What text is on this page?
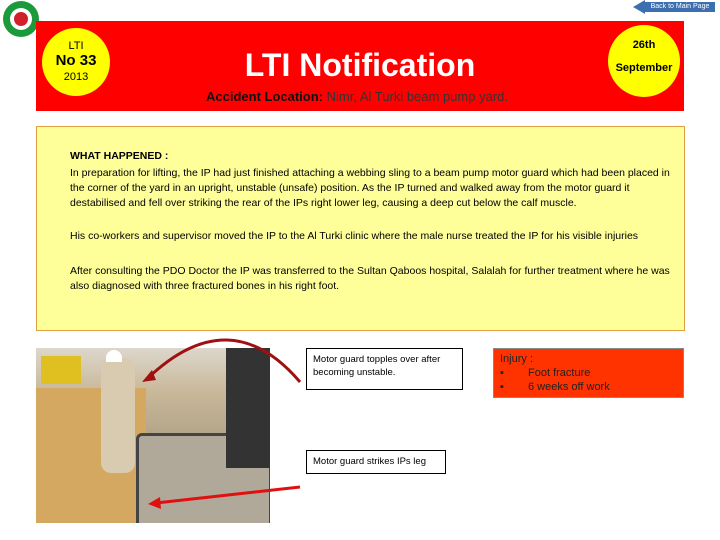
Back to Main Page
LTI
No 33
2013	LTI Notification
Accident Location: Nimr, Al Turki beam pump yard.
26th
September

WHAT HAPPENED :

In preparation for lifting, the IP had just finished attaching a webbing sling to a beam pump motor guard which had been placed in the corner of the yard in an upright, unstable (unsafe) position. As the IP turned and walked away from the motor guard it destabilised and fell over striking the rear of the IPs right lower leg, causing a deep cut below the calf muscle.

His co-workers and supervisor moved the IP to the Al Turki clinic where the male nurse treated the IP for his visible injuries

After consulting the PDO Doctor the IP was transferred to the Sultan Qaboos hospital, Salalah for further treatment where he was also diagnosed with three fractured bones in his right foot.

Motor guard topples over after becoming unstable.
Motor guard strikes IPs leg
Injury :
▪ Foot fracture
▪ 6 weeks off work
